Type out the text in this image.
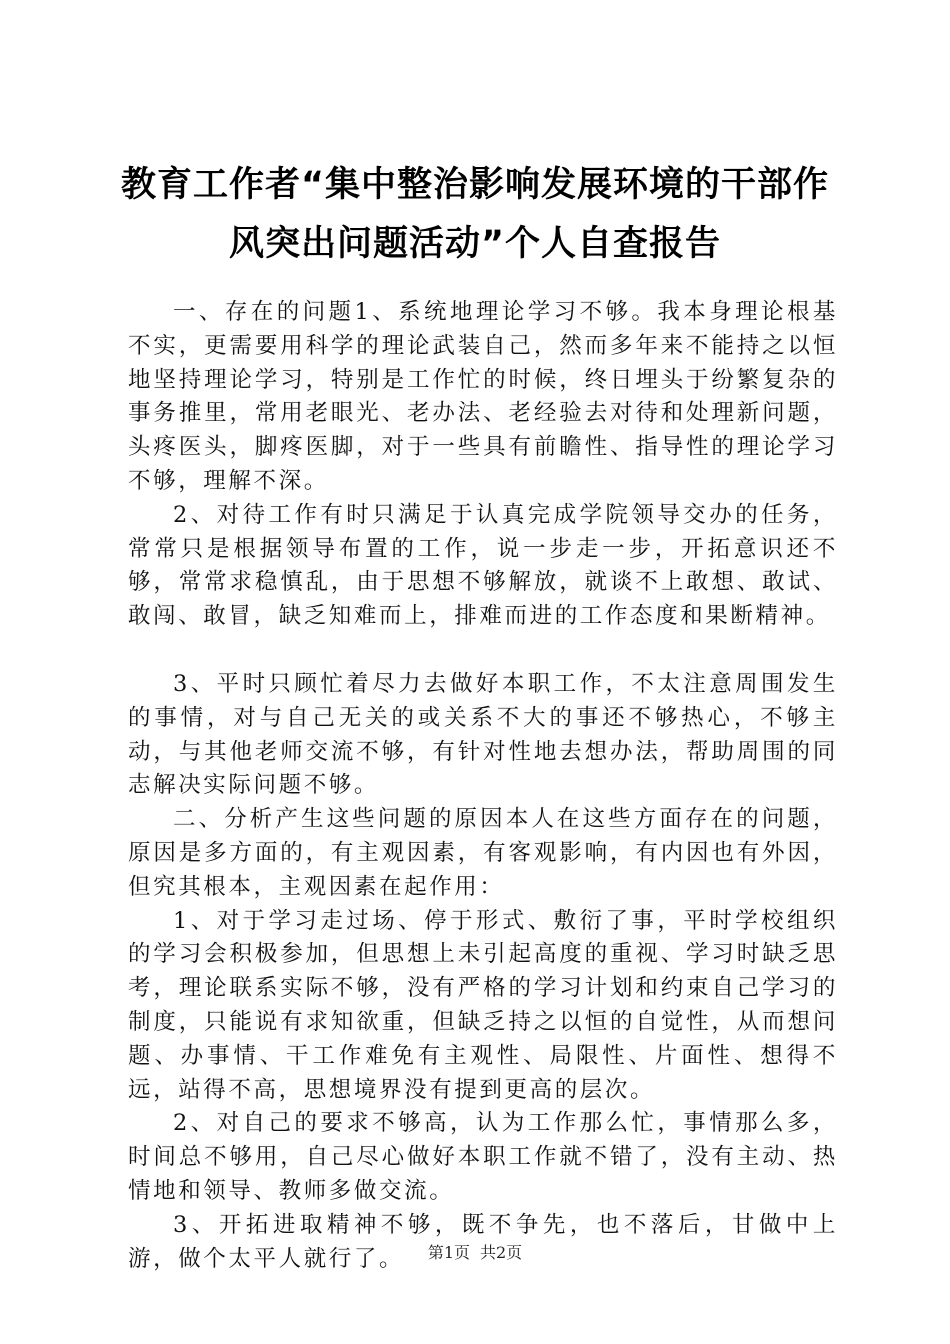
教育工作者“集中整治影响发展环境的干部作
风突出问题活动”个人自查报告

一、存在的问题1、系统地理论学习不够。我本身理论根基不实，更需要用科学的理论武装自己，然而多年来不能持之以恒地坚持理论学习，特别是工作忙的时候，终日埋头于纷繁复杂的事务推里，常用老眼光、老办法、老经验去对待和处理新问题，头疼医头，脚疼医脚，对于一些具有前瞻性、指导性的理论学习不够，理解不深。

2、对待工作有时只满足于认真完成学院领导交办的任务，常常只是根据领导布置的工作，说一步走一步，开拓意识还不够，常常求稳慎乱，由于思想不够解放，就谈不上敢想、敢试、敢闯、敢冒，缺乏知难而上，排难而进的工作态度和果断精神。

3、平时只顾忙着尽力去做好本职工作，不太注意周围发生的事情，对与自己无关的或关系不大的事还不够热心，不够主动，与其他老师交流不够，有针对性地去想办法，帮助周围的同志解决实际问题不够。

二、分析产生这些问题的原因本人在这些方面存在的问题，原因是多方面的，有主观因素，有客观影响，有内因也有外因，但究其根本，主观因素在起作用：

1、对于学习走过场、停于形式、敷衍了事，平时学校组织的学习会积极参加，但思想上未引起高度的重视、学习时缺乏思考，理论联系实际不够，没有严格的学习计划和约束自己学习的制度，只能说有求知欲重，但缺乏持之以恒的自觉性，从而想问题、办事情、干工作难免有主观性、局限性、片面性、想得不远，站得不高，思想境界没有提到更高的层次。

2、对自己的要求不够高，认为工作那么忙，事情那么多，时间总不够用，自己尽心做好本职工作就不错了，没有主动、热情地和领导、教师多做交流。

3、开拓进取精神不够，既不争先，也不落后，甘做中上游，做个太平人就行了。	第1页 共2页
